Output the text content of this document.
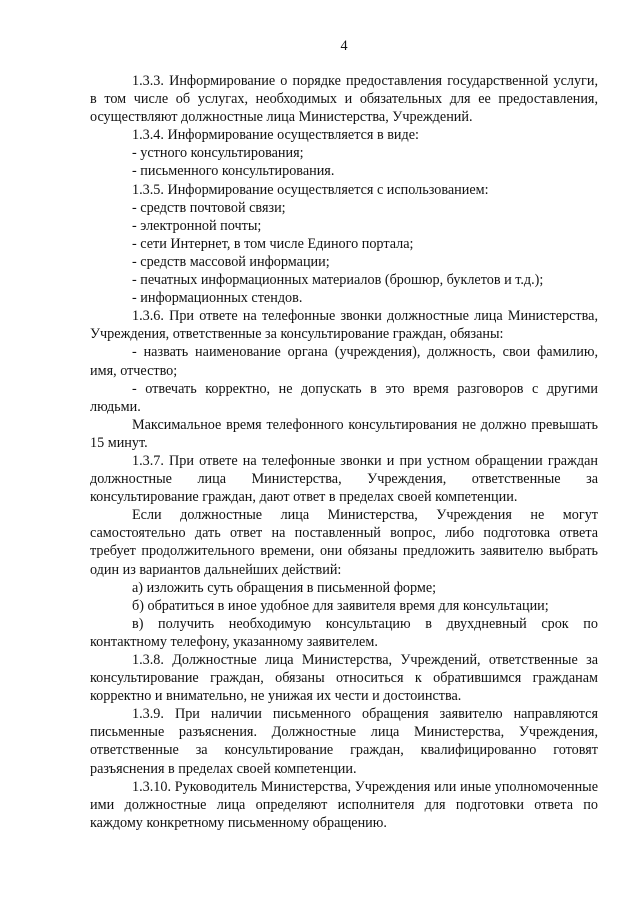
4

1.3.3. Информирование о порядке предоставления государственной услуги, в том числе об услугах, необходимых и обязательных для ее предоставления, осуществляют должностные лица Министерства, Учреждений.

1.3.4. Информирование осуществляется в виде:

- устного консультирования;

- письменного консультирования.

1.3.5. Информирование осуществляется с использованием:

- средств почтовой связи;

- электронной почты;

- сети Интернет, в том числе Единого портала;

- средств массовой информации;

- печатных информационных материалов (брошюр, буклетов и т.д.);

- информационных стендов.

1.3.6. При ответе на телефонные звонки должностные лица Министерства, Учреждения, ответственные за консультирование граждан, обязаны:

- назвать наименование органа (учреждения), должность, свои фамилию, имя, отчество;

- отвечать корректно, не допускать в это время разговоров с другими людьми.

Максимальное время телефонного консультирования не должно превышать 15 минут.

1.3.7. При ответе на телефонные звонки и при устном обращении граждан должностные лица Министерства, Учреждения, ответственные за консультирование граждан, дают ответ в пределах своей компетенции.

Если должностные лица Министерства, Учреждения не могут самостоятельно дать ответ на поставленный вопрос, либо подготовка ответа требует продолжительного времени, они обязаны предложить заявителю выбрать один из вариантов дальнейших действий:

а) изложить суть обращения в письменной форме;

б) обратиться в иное удобное для заявителя время для консультации;

в) получить необходимую консультацию в двухдневный срок по контактному телефону, указанному заявителем.

1.3.8. Должностные лица Министерства, Учреждений, ответственные за консультирование граждан, обязаны относиться к обратившимся гражданам корректно и внимательно, не унижая их чести и достоинства.

1.3.9. При наличии письменного обращения заявителю направляются письменные разъяснения. Должностные лица Министерства, Учреждения, ответственные за консультирование граждан, квалифицированно готовят разъяснения в пределах своей компетенции.

1.3.10. Руководитель Министерства, Учреждения или иные уполномоченные ими должностные лица определяют исполнителя для подготовки ответа по каждому конкретному письменному обращению.
